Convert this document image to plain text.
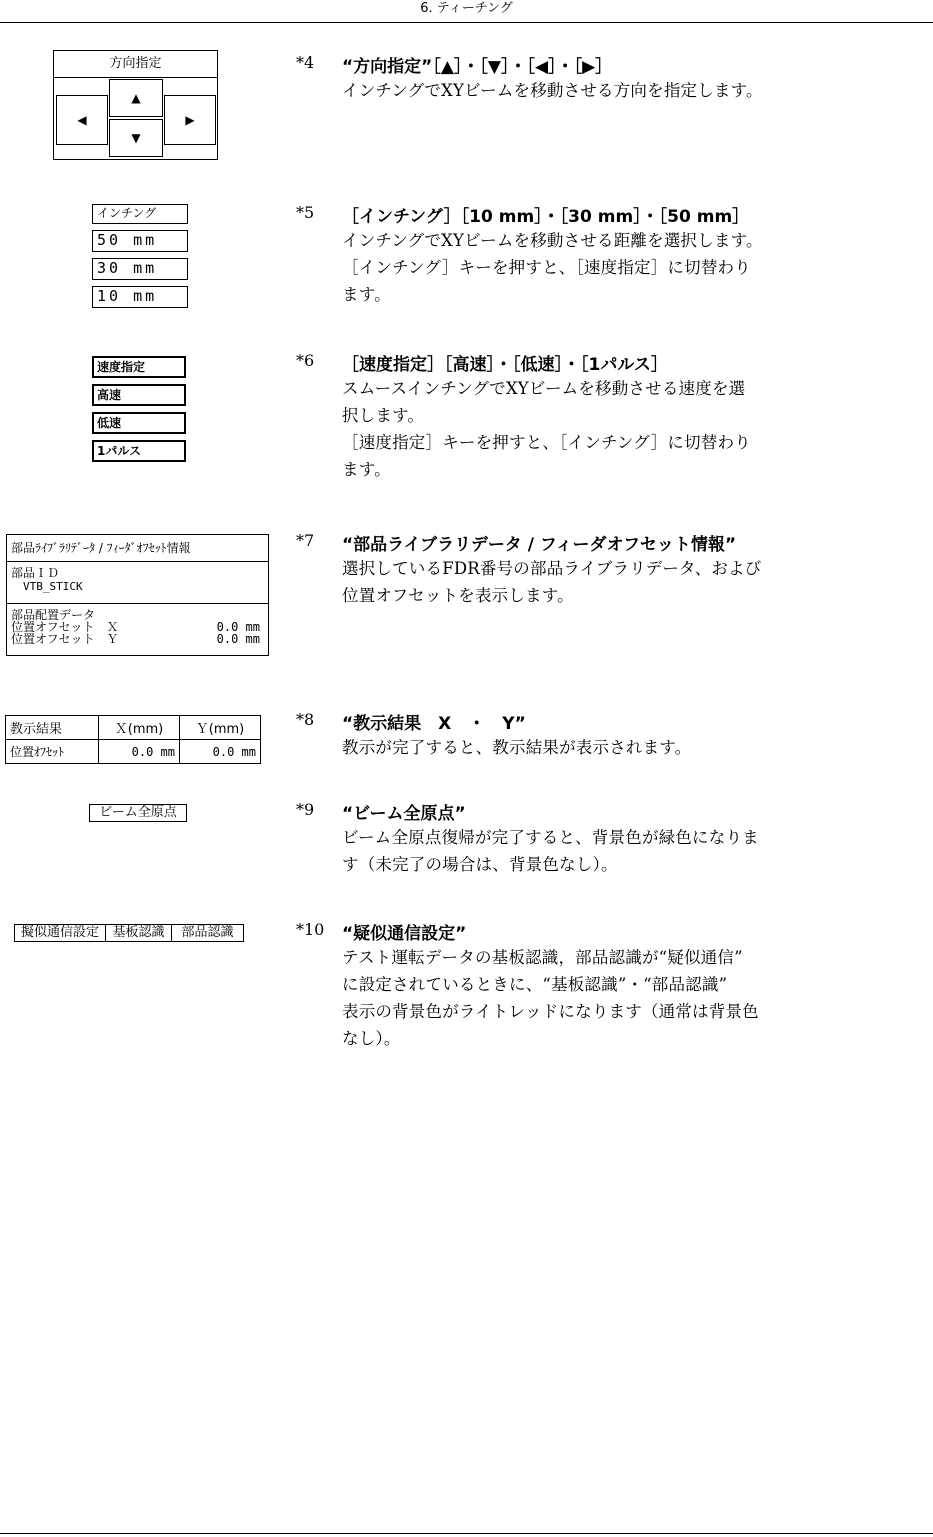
6. ティーチング
方向指定
▲
▼
◀	▶
インチング
50 mm
30 mm
10 mm
速度指定
高速
低速
1パルス
部品ﾗｲﾌﾞﾗﾘﾃﾞｰﾀ / ﾌｨｰﾀﾞｵﾌｾｯﾄ情報
部品ＩＤ
VTB_STICK
部品配置データ
位置オフセット　Ｘ	0.0 mm
位置オフセット　Ｙ	0.0 mm
教示結果	Ｘ(mm)	Ｙ(mm)
位置ｵﾌｾｯﾄ	0.0 mm	0.0 mm
ビーム全原点
擬似通信設定	基板認識	部品認識
*4 “方向指定”［▲］・［▼］・［◀］・［▶］
インチングでXYビームを移動させる方向を指定します。
*5 ［インチング］［10 mm］・［30 mm］・［50 mm］
インチングでXYビームを移動させる距離を選択します。
［インチング］キーを押すと、［速度指定］に切替わり
ます。
*6 ［速度指定］［高速］・［低速］・［1パルス］
スムースインチングでXYビームを移動させる速度を選
択します。
［速度指定］キーを押すと、［インチング］に切替わり
ます。
*7 “部品ライブラリデータ / フィーダオフセット情報”
選択しているFDR番号の部品ライブラリデータ、および
位置オフセットを表示します。
*8 “教示結果　X　・　Y”
教示が完了すると、教示結果が表示されます。
*9 “ビーム全原点”
ビーム全原点復帰が完了すると、背景色が緑色になりま
す（未完了の場合は、背景色なし）。
*10 “疑似通信設定”
テスト運転データの基板認識，部品認識が“疑似通信”
に設定されているときに、“基板認識”・“部品認識”
表示の背景色がライトレッドになります（通常は背景色
なし）。
